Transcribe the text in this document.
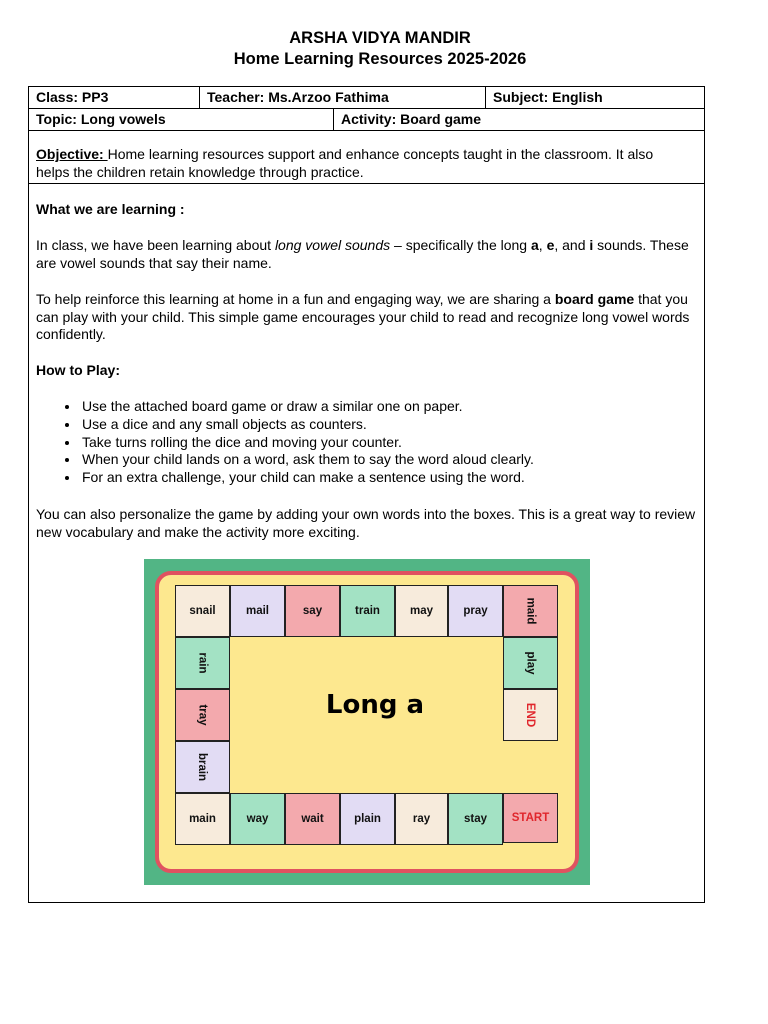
ARSHA VIDYA MANDIR
Home Learning Resources 2025-2026
Class: PP3	Teacher: Ms.Arzoo Fathima	Subject: English
Topic: Long vowels	Activity: Board game
Objective: Home learning resources support and enhance concepts taught in the classroom. It also helps the children retain knowledge through practice.

What we are learning :

In class, we have been learning about long vowel sounds – specifically the long a, e, and i sounds. These are vowel sounds that say their name.

To help reinforce this learning at home in a fun and engaging way, we are sharing a board game that you can play with your child. This simple game encourages your child to read and recognize long vowel words confidently.

How to Play:

• Use the attached board game or draw a similar one on paper.
• Use a dice and any small objects as counters.
• Take turns rolling the dice and moving your counter.
• When your child lands on a word, ask them to say the word aloud clearly.
• For an extra challenge, your child can make a sentence using the word.

You can also personalize the game by adding your own words into the boxes. This is a great way to review new vocabulary and make the activity more exciting.

snail	mail	say	train	may	pray	maid
rain
tray
brain
play
END
main	way	wait	plain	ray	stay START
Long a
